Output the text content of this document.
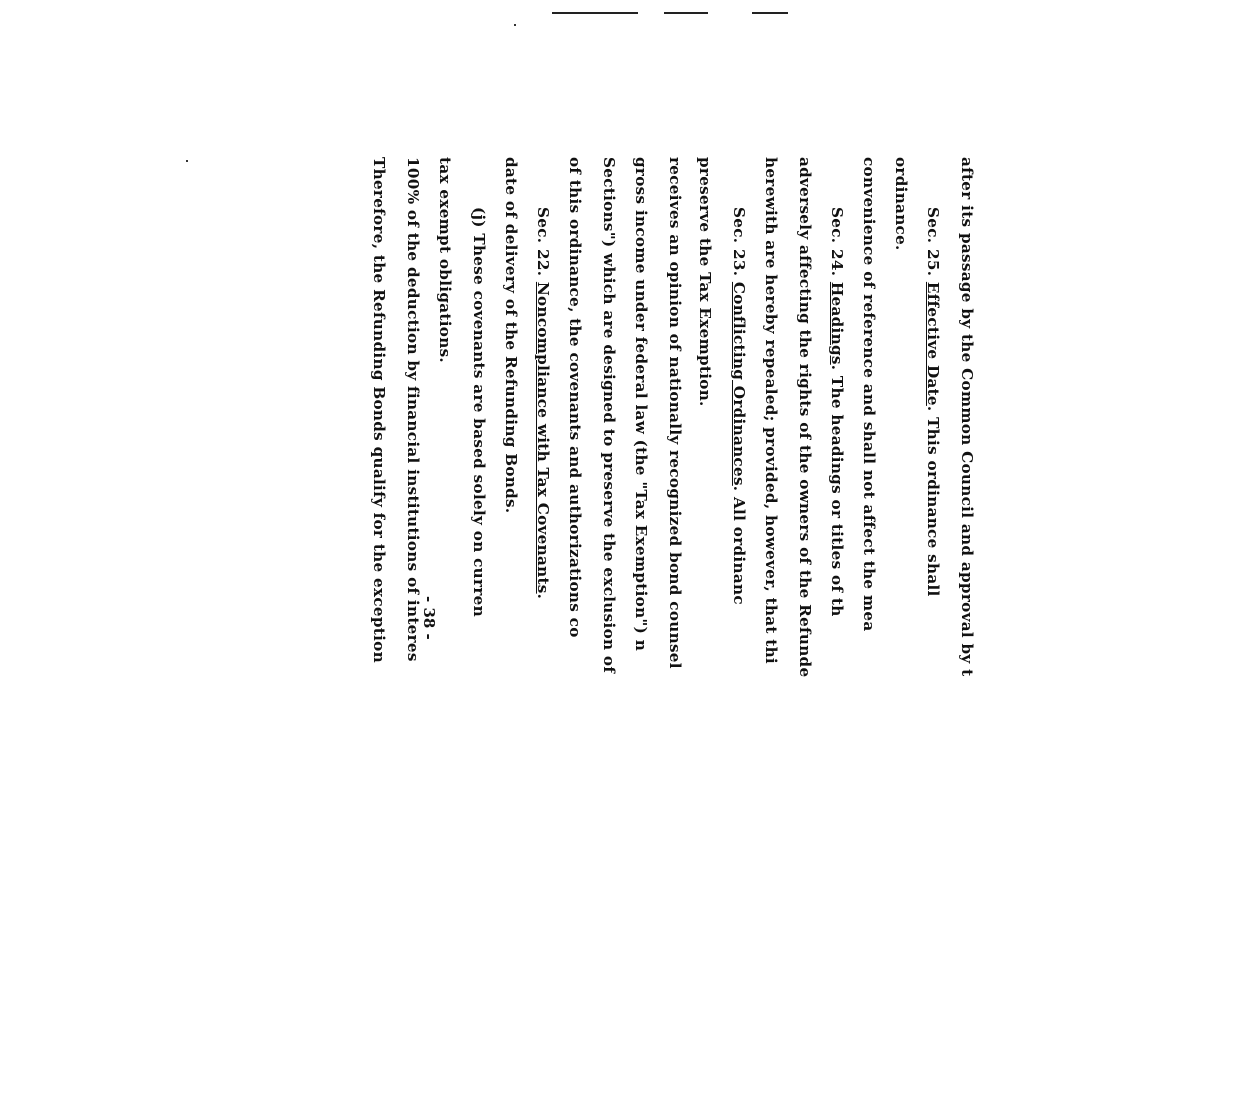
Therefore, the Refunding Bonds qualify for the exception 100% of the deduction by financial institutions of interes tax exempt obligations. (j) These covenants are based solely on curren date of delivery of the Refunding Bonds. Sec. 22. Noncompliance with Tax Covenants. of this ordinance, the covenants and authorizations co Sections") which are designed to preserve the exclusion of gross income under federal law (the "Tax Exemption") n receives an opinion of nationally recognized bond counsel preserve the Tax Exemption. Sec. 23. Conflicting Ordinances. All ordinanc herewith are hereby repealed; provided, however, that thi adversely affecting the rights of the owners of the Refunde Sec. 24. Headings. The headings or titles of th convenience of reference and shall not affect the mea ordinance. Sec. 25. Effective Date. This ordinance shall after its passage by the Common Council and approval by t
- 38 -
